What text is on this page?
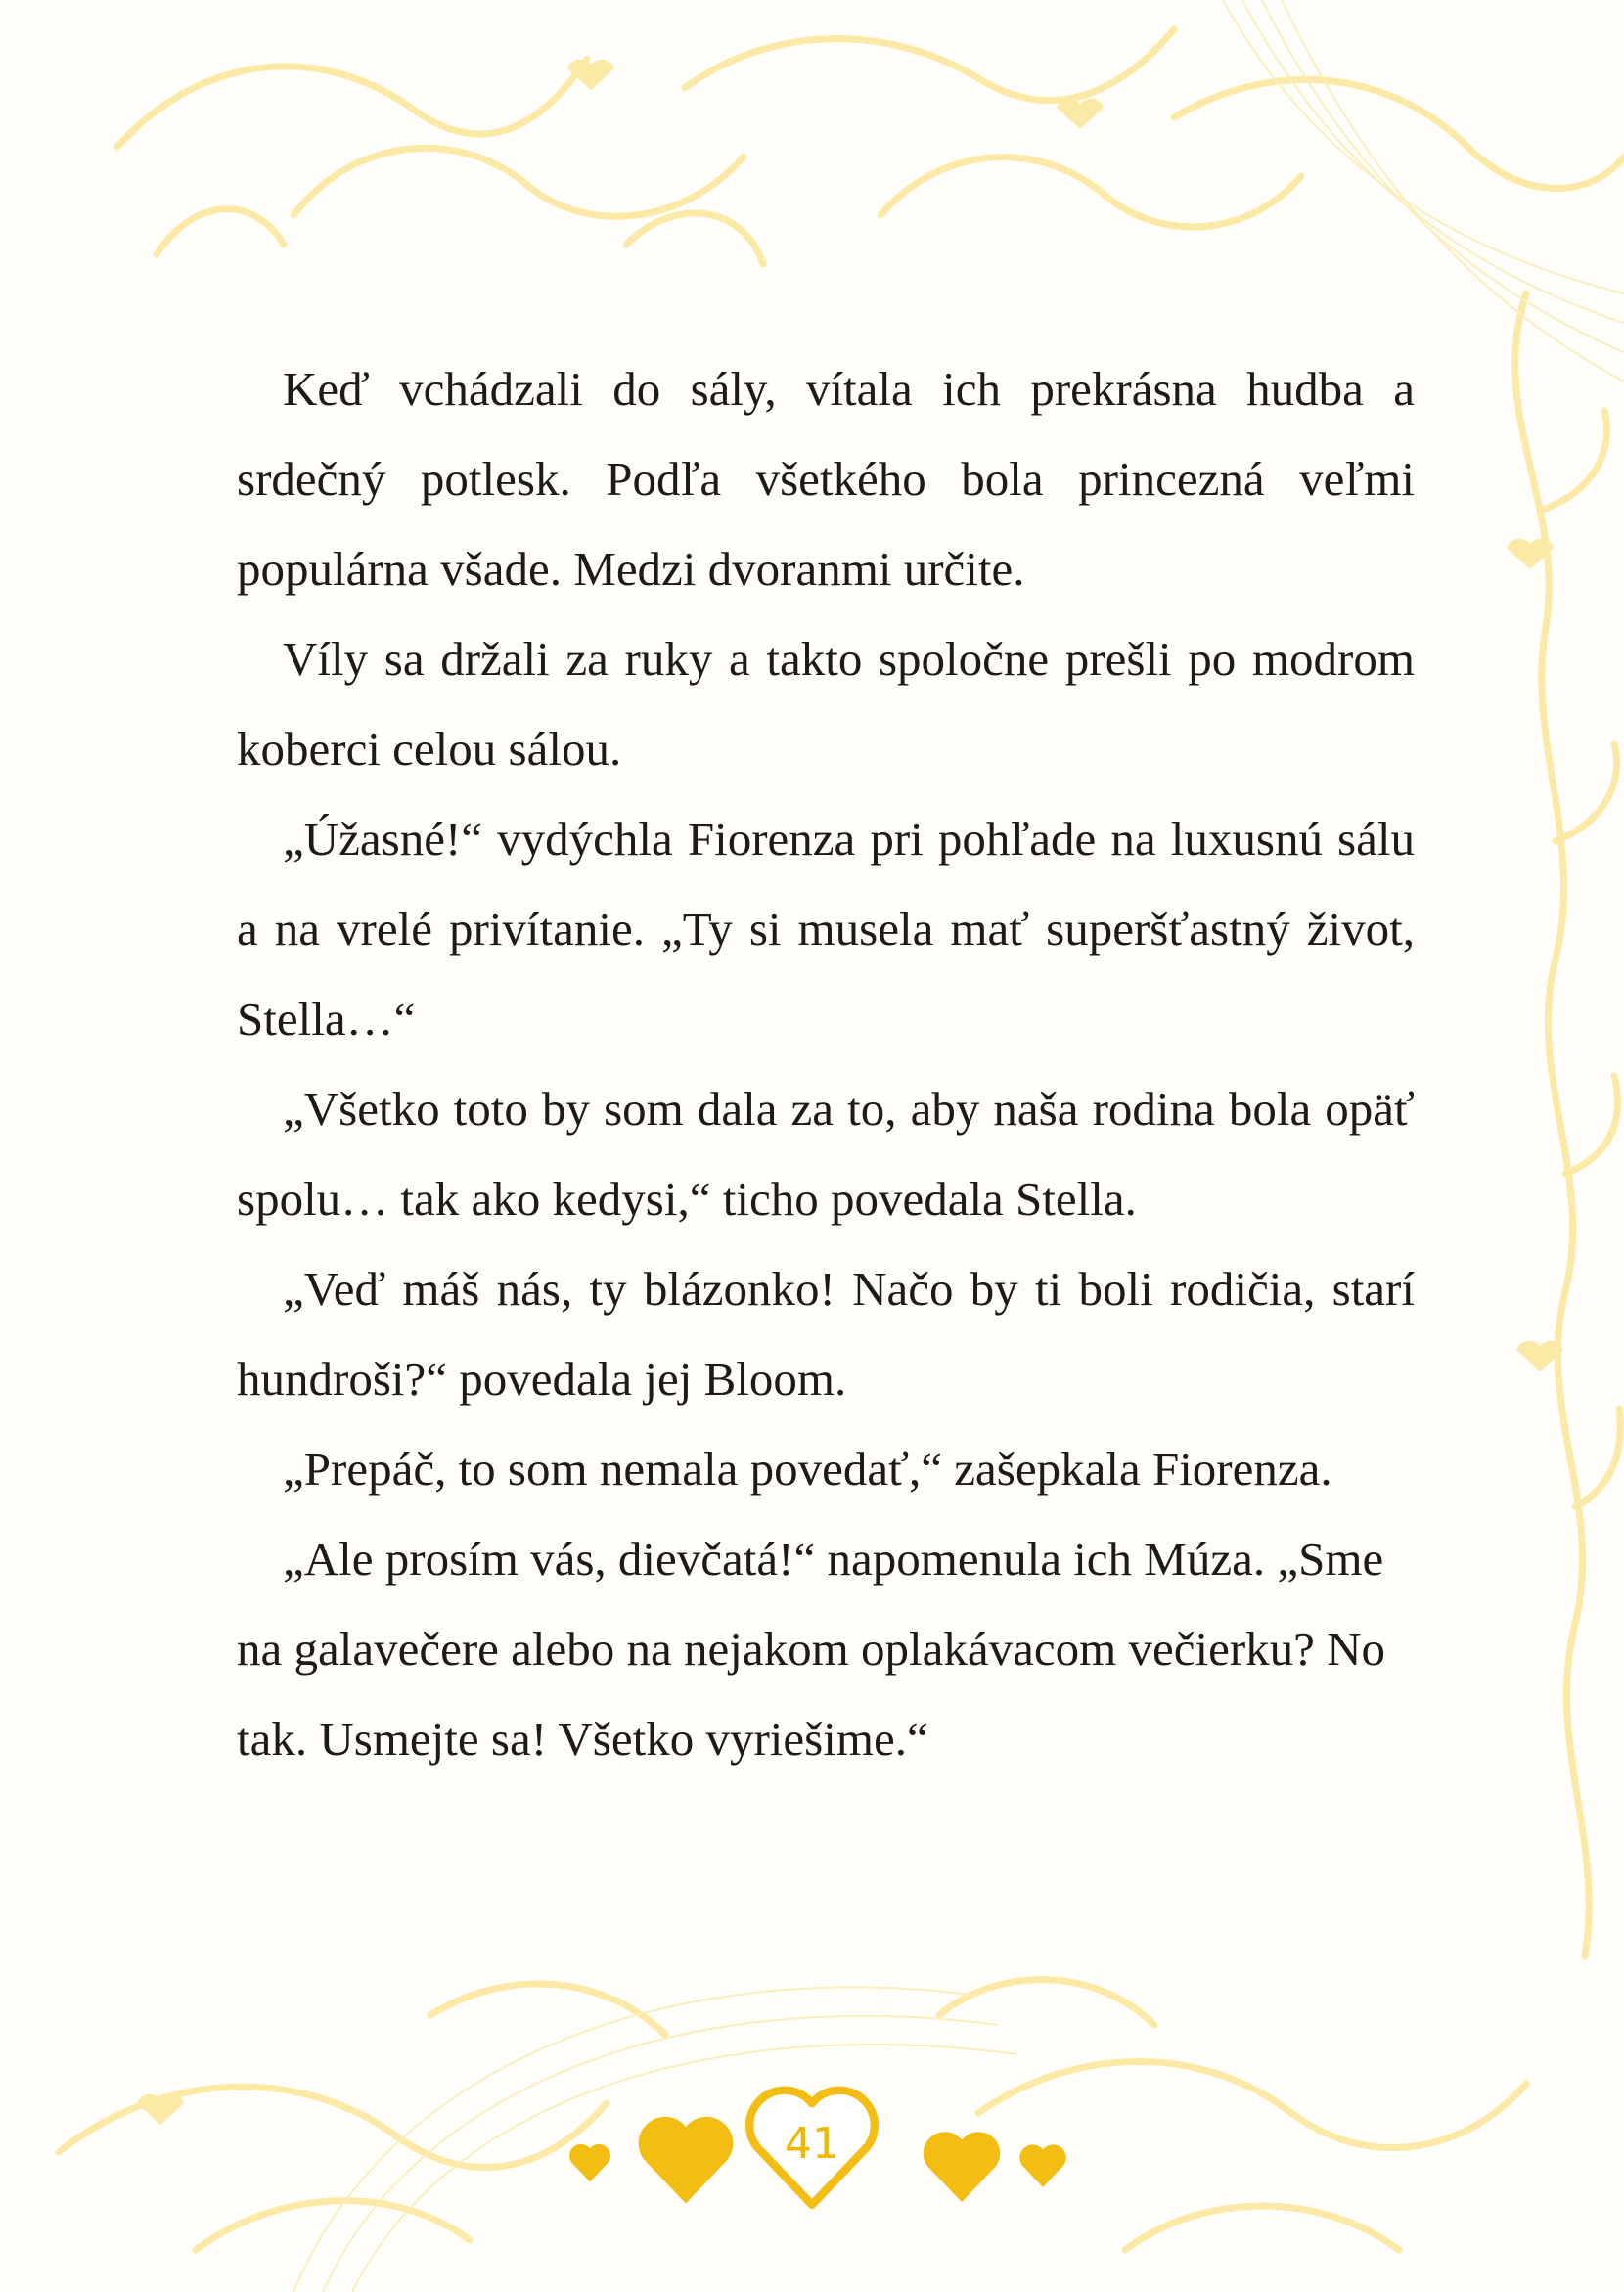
Keď vchádzali do sály, vítala ich prekrásna hudba a srdečný potlesk. Podľa všetkého bola princezná veľmi populárna všade. Medzi dvoranmi určite.

Víly sa držali za ruky a takto spoločne prešli po modrom koberci celou sálou.

„Úžasné!“ vydýchla Fiorenza pri pohľade na luxusnú sálu a na vrelé privítanie. „Ty si musela mať superšťastný život, Stella…“

„Všetko toto by som dala za to, aby naša rodina bola opäť spolu… tak ako kedysi,“ ticho povedala Stella.

„Veď máš nás, ty blázonko! Načo by ti boli rodičia, starí hundroši?“ povedala jej Bloom.

„Prepáč, to som nemala povedať,“ zašepkala Fiorenza.

„Ale prosím vás, dievčatá!“ napomenula ich Múza. „Sme na galavečere alebo na nejakom oplakávacom večierku? No tak. Usmejte sa! Všetko vyriešime.“

41
